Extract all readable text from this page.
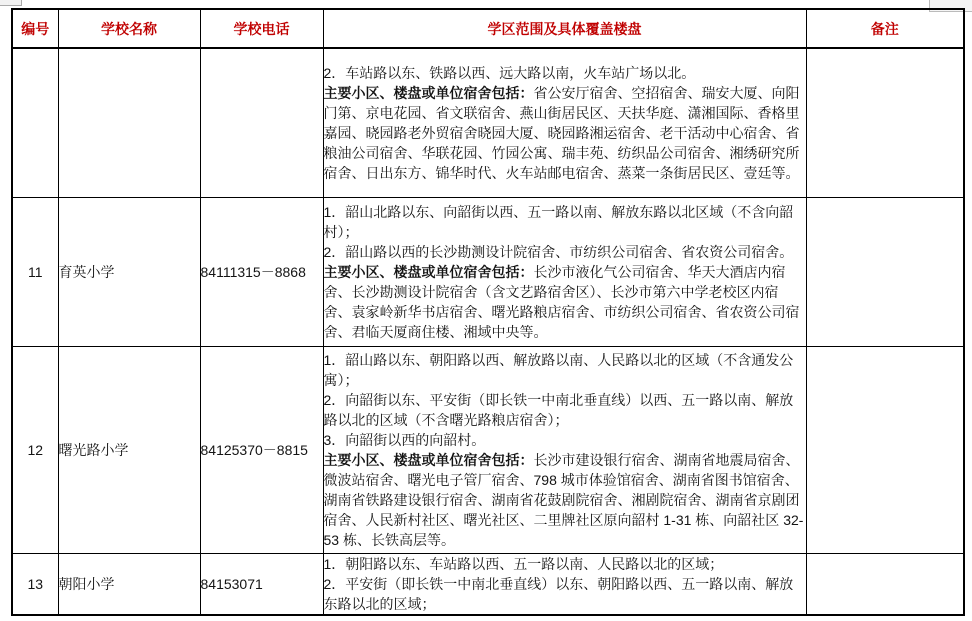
编号	学校名称	学校电话	学区范围及具体覆盖楼盘	备注

			2．车站路以东、铁路以西、远大路以南，火车站广场以北。
主要小区、楼盘或单位宿舍包括：省公安厅宿舍、空招宿舍、瑞安大厦、向阳门第、京电花园、省文联宿舍、燕山街居民区、天扶华庭、潇湘国际、香格里嘉园、晓园路老外贸宿舍晓园大厦、晓园路湘运宿舍、老干活动中心宿舍、省粮油公司宿舍、华联花园、竹园公寓、瑞丰苑、纺织品公司宿舍、湘绣研究所宿舍、日出东方、锦华时代、火车站邮电宿舍、蒸菜一条街居民区、壹廷等。	

11	育英小学	84111315－8868	1．韶山北路以东、向韶街以西、五一路以南、解放东路以北区域（不含向韶村）；
2．韶山路以西的长沙勘测设计院宿舍、市纺织公司宿舍、省农资公司宿舍。
主要小区、楼盘或单位宿舍包括：长沙市液化气公司宿舍、华天大酒店内宿舍、长沙勘测设计院宿舍（含文艺路宿舍区）、长沙市第六中学老校区内宿舍、袁家岭新华书店宿舍、曙光路粮店宿舍、市纺织公司宿舍、省农资公司宿舍、君临天厦商住楼、湘域中央等。	

12	曙光路小学	84125370－8815	1．韶山路以东、朝阳路以西、解放路以南、人民路以北的区域（不含通发公寓）；
2．向韶街以东、平安街（即长铁一中南北垂直线）以西、五一路以南、解放路以北的区域（不含曙光路粮店宿舍）；
3．向韶街以西的向韶村。
主要小区、楼盘或单位宿舍包括：长沙市建设银行宿舍、湖南省地震局宿舍、微波站宿舍、曙光电子管厂宿舍、798 城市体验馆宿舍、湖南省图书馆宿舍、湖南省铁路建设银行宿舍、湖南省花鼓剧院宿舍、湘剧院宿舍、湖南省京剧团宿舍、人民新村社区、曙光社区、二里牌社区原向韶村 1-31 栋、向韶社区 32-53 栋、长铁高层等。	

13	朝阳小学	84153071	1．朝阳路以东、车站路以西、五一路以南、人民路以北的区域；
2．平安街（即长铁一中南北垂直线）以东、朝阳路以西、五一路以南、解放东路以北的区域；	
